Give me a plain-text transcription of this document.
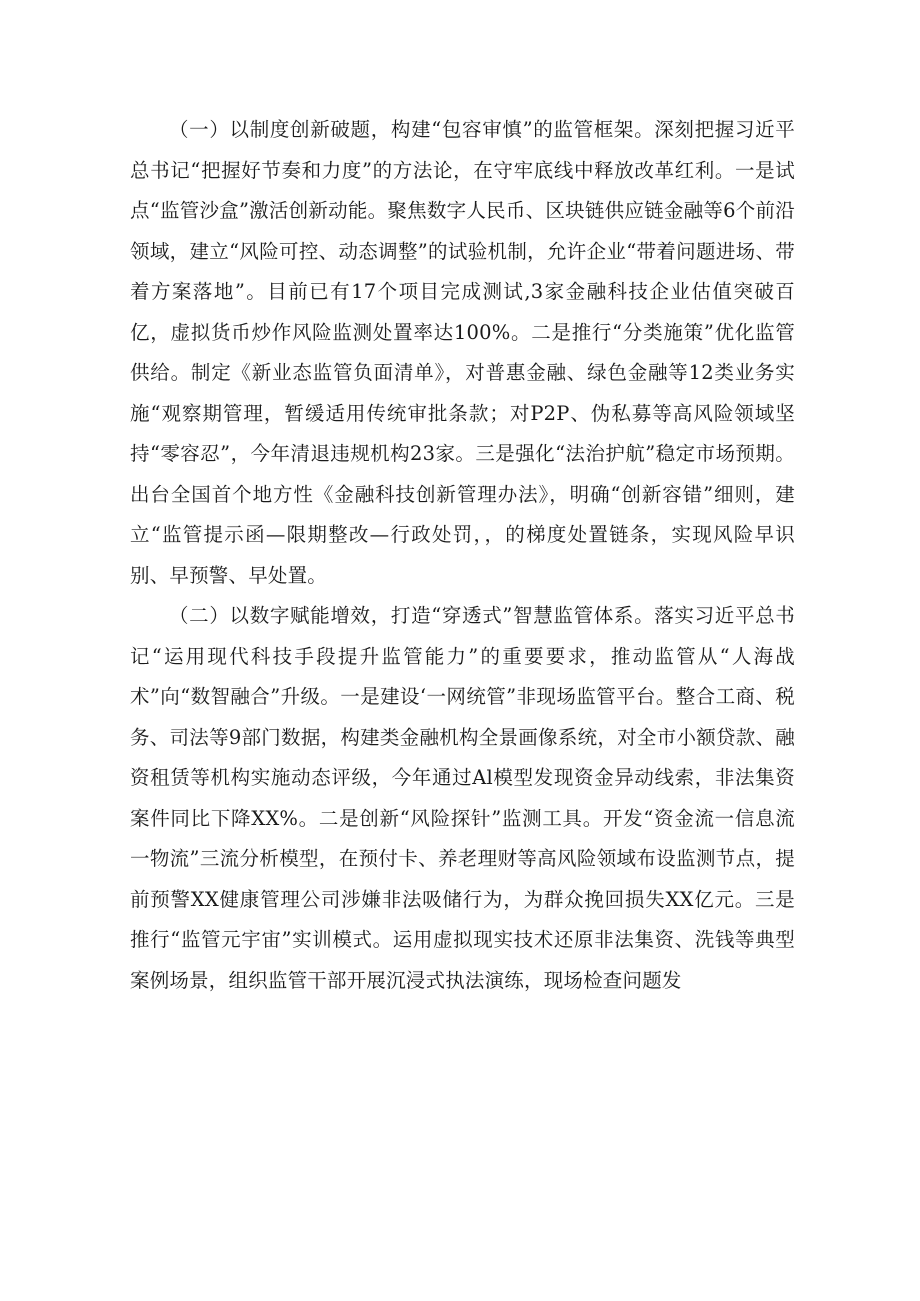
（一）以制度创新破题，构建“包容审慎”的监管框架。深刻把握习近平总书记“把握好节奏和力度”的方法论，在守牢底线中释放改革红利。一是试点“监管沙盒”激活创新动能。聚焦数字人民币、区块链供应链金融等6个前沿领域，建立“风险可控、动态调整”的试验机制，允许企业“带着问题进场、带着方案落地”。目前已有17个项目完成测试,3家金融科技企业估值突破百亿，虚拟货币炒作风险监测处置率达100%。二是推行“分类施策”优化监管供给。制定《新业态监管负面清单》，对普惠金融、绿色金融等12类业务实施“观察期管理，暂缓适用传统审批条款；对P2P、伪私募等高风险领域坚持“零容忍”，今年清退违规机构23家。三是强化“法治护航”稳定市场预期。出台全国首个地方性《金融科技创新管理办法》，明确“创新容错”细则，建立“监管提示函—限期整改—行政处罚，，的梯度处置链条，实现风险早识别、早预警、早处置。

（二）以数字赋能增效，打造“穿透式”智慧监管体系。落实习近平总书记“运用现代科技手段提升监管能力”的重要要求，推动监管从“人海战术”向“数智融合”升级。一是建设‘一网统管”非现场监管平台。整合工商、税务、司法等9部门数据，构建类金融机构全景画像系统，对全市小额贷款、融资租赁等机构实施动态评级，今年通过Al模型发现资金异动线索，非法集资案件同比下降XX%。二是创新“风险探针”监测工具。开发“资金流一信息流一物流”三流分析模型，在预付卡、养老理财等高风险领域布设监测节点，提前预警XX健康管理公司涉嫌非法吸储行为，为群众挽回损失XX亿元。三是推行“监管元宇宙”实训模式。运用虚拟现实技术还原非法集资、洗钱等典型案例场景，组织监管干部开展沉浸式执法演练，现场检查问题发
